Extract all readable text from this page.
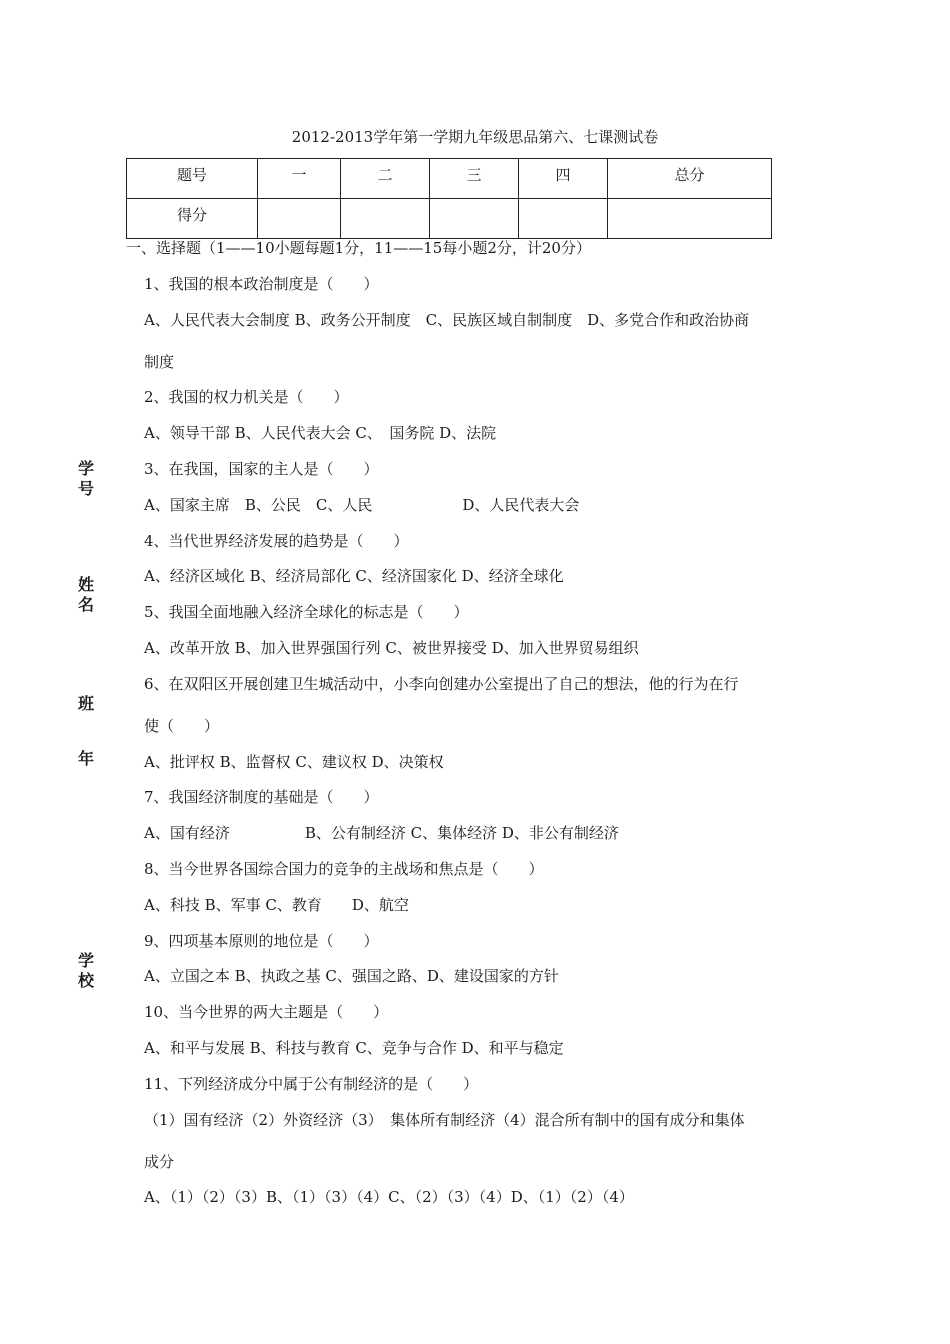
2012-2013学年第一学期九年级思品第六、七课测试卷
题号	一	二	三	四	总分
得分					
学号
姓名
班
年
学校
一、选择题（1——10小题每题1分，11——15每小题2分，计20分）
1、我国的根本政治制度是（　　）
A、人民代表大会制度 B、政务公开制度　C、民族区域自制制度　D、多党合作和政治协商
制度
2、我国的权力机关是（　　）
A、领导干部 B、人民代表大会 C、　国务院 D、法院
3、在我国，国家的主人是（　　）
A、国家主席　B、公民　C、人民　　　　　　D、人民代表大会
4、当代世界经济发展的趋势是（　　）
A、经济区域化 B、经济局部化 C、经济国家化 D、经济全球化
5、我国全面地融入经济全球化的标志是（　　）
A、改革开放 B、加入世界强国行列 C、被世界接受 D、加入世界贸易组织
6、在双阳区开展创建卫生城活动中，小李向创建办公室提出了自己的想法，他的行为在行
使（　　）
A、批评权 B、监督权 C、建议权 D、决策权
7、我国经济制度的基础是（　　）
A、国有经济　　　　　B、公有制经济 C、集体经济 D、非公有制经济
8、当今世界各国综合国力的竞争的主战场和焦点是（　　）
A、科技 B、军事 C、教育　　D、航空
9、四项基本原则的地位是（　　）
A、立国之本 B、执政之基 C、强国之路、D、建设国家的方针
10、当今世界的两大主题是（　　）
A、和平与发展 B、科技与教育 C、竞争与合作 D、和平与稳定
11、下列经济成分中属于公有制经济的是（　　）
（1）国有经济（2）外资经济（3）　集体所有制经济（4）混合所有制中的国有成分和集体
成分
A、（1）（2）（3）B、（1）（3）（4）C、（2）（3）（4）D、（1）（2）（4）
